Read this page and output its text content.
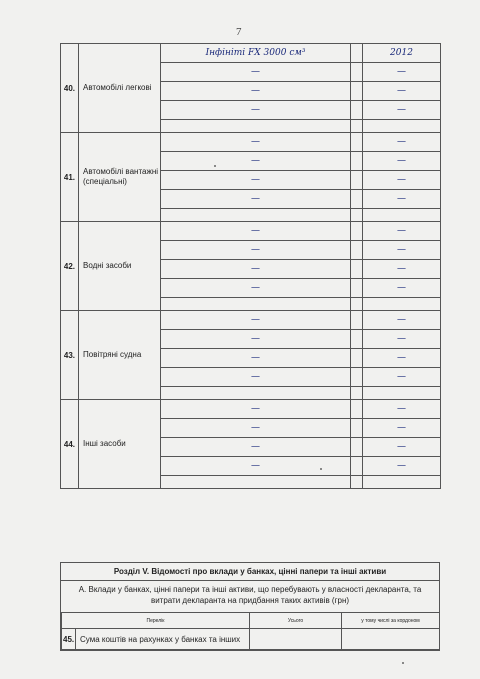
7
40.	Автомобілі легкові	Інфініті FX 3000 см³		2012
		—		—
		—		—
		—		—

41.	Автомобілі вантажні (спеціальні)	—		—
		—		—
		—		—
		—		—

42.	Водні засоби	—		—
		—		—
		—		—
		—		—

43.	Повітряні судна	—		—
		—		—
		—		—
		—		—

44.	Інші засоби	—		—
		—		—
		—		—
		—		—

Розділ V. Відомості про вклади у банках, цінні папери та інші активи
А. Вклади у банках, цінні папери та інші активи, що перебувають у власності декларанта, та витрати декларанта на придбання таких активів (грн)
Перелік		Усього	у тому числі за кордоном
45.	Сума коштів на рахунках у банках та інших		
